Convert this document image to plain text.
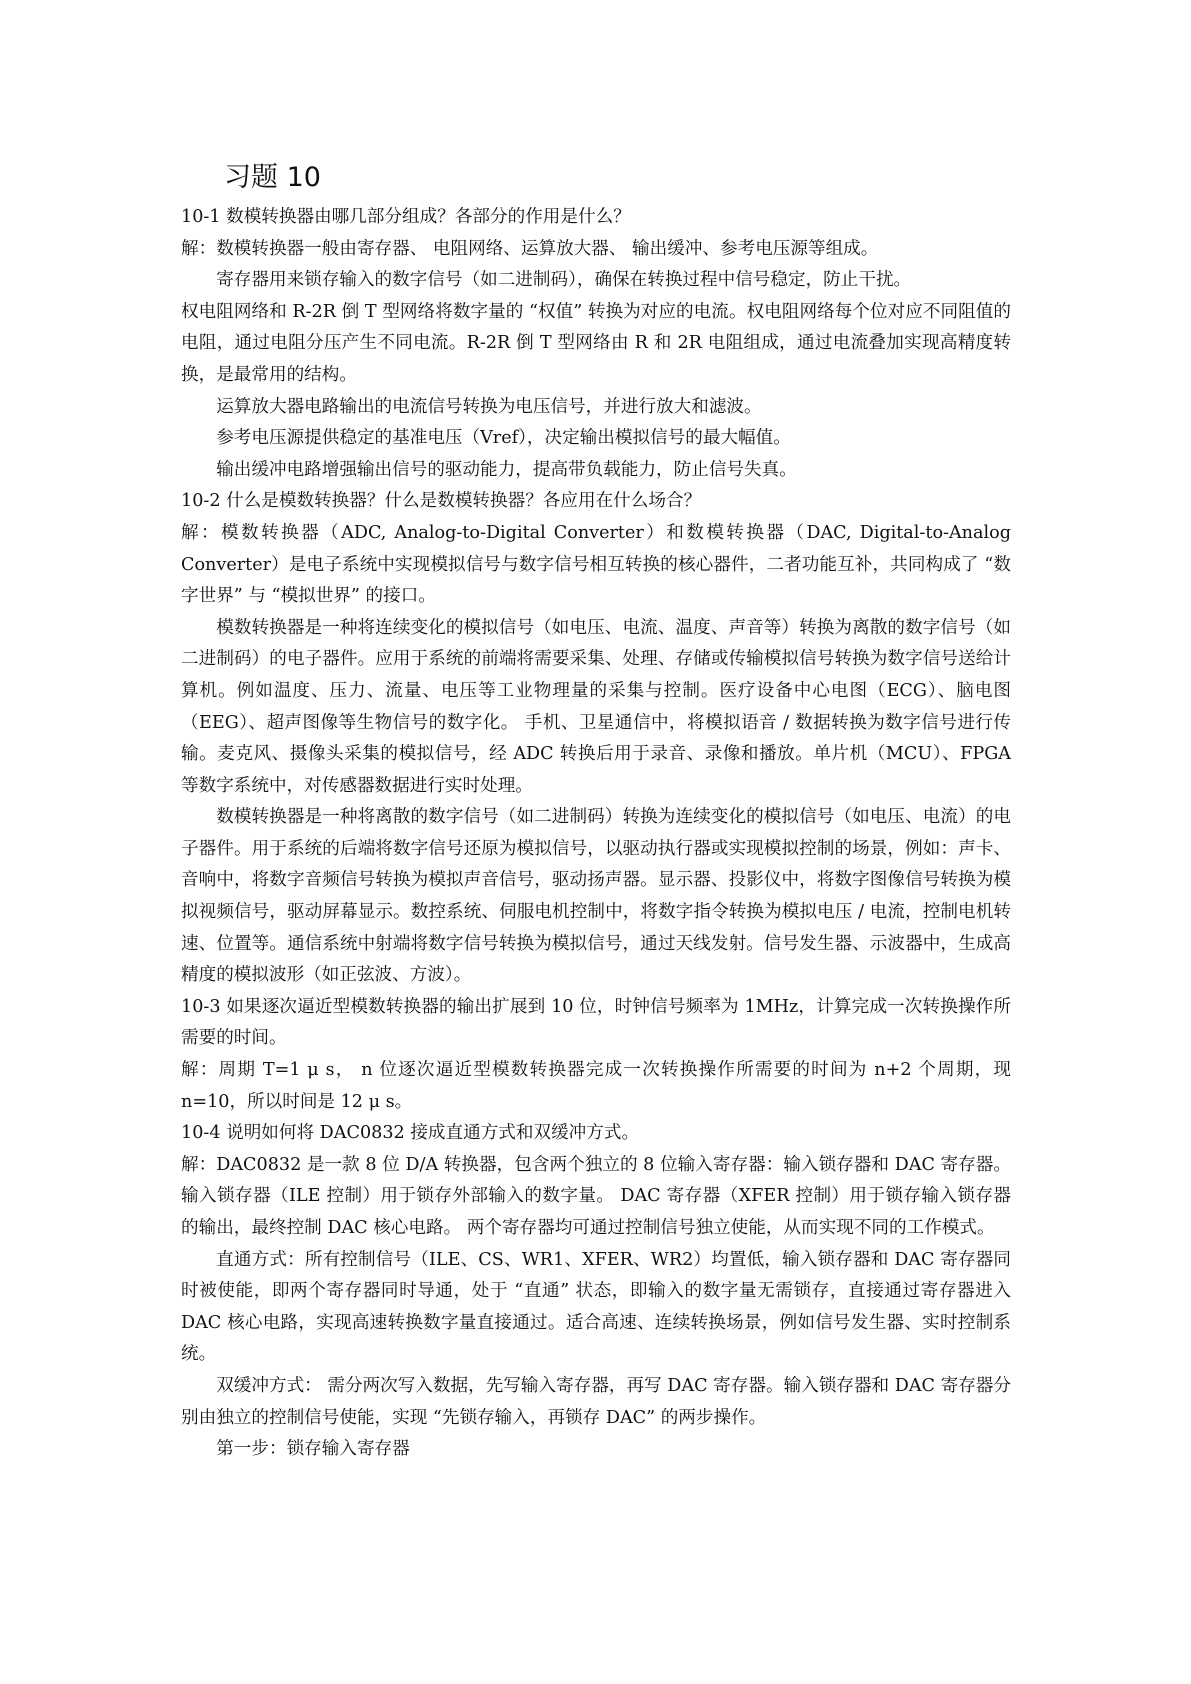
习题 10

10-1 数模转换器由哪几部分组成？各部分的作用是什么？

解：数模转换器一般由寄存器、 电阻网络、运算放大器、 输出缓冲、参考电压源等组成。

寄存器用来锁存输入的数字信号（如二进制码），确保在转换过程中信号稳定，防止干扰。

权电阻网络和 R-2R 倒 T 型网络将数字量的 “权值” 转换为对应的电流。权电阻网络每个位对应不同阻值的电阻，通过电阻分压产生不同电流。R-2R 倒 T 型网络由 R 和 2R 电阻组成，通过电流叠加实现高精度转换，是最常用的结构。

运算放大器电路输出的电流信号转换为电压信号，并进行放大和滤波。

参考电压源提供稳定的基准电压（Vref），决定输出模拟信号的最大幅值。

输出缓冲电路增强输出信号的驱动能力，提高带负载能力，防止信号失真。

10-2 什么是模数转换器？什么是数模转换器？各应用在什么场合？

解：模数转换器（ADC, Analog-to-Digital Converter）和数模转换器（DAC, Digital-to-Analog Converter）是电子系统中实现模拟信号与数字信号相互转换的核心器件，二者功能互补，共同构成了 “数字世界” 与 “模拟世界” 的接口。

模数转换器是一种将连续变化的模拟信号（如电压、电流、温度、声音等）转换为离散的数字信号（如二进制码）的电子器件。应用于系统的前端将需要采集、处理、存储或传输模拟信号转换为数字信号送给计算机。例如温度、压力、流量、电压等工业物理量的采集与控制。医疗设备中心电图（ECG）、脑电图（EEG）、超声图像等生物信号的数字化。 手机、卫星通信中，将模拟语音 / 数据转换为数字信号进行传输。麦克风、摄像头采集的模拟信号，经 ADC 转换后用于录音、录像和播放。单片机（MCU）、FPGA 等数字系统中，对传感器数据进行实时处理。

数模转换器是一种将离散的数字信号（如二进制码）转换为连续变化的模拟信号（如电压、电流）的电子器件。用于系统的后端将数字信号还原为模拟信号，以驱动执行器或实现模拟控制的场景，例如：声卡、音响中，将数字音频信号转换为模拟声音信号，驱动扬声器。显示器、投影仪中，将数字图像信号转换为模拟视频信号，驱动屏幕显示。数控系统、伺服电机控制中，将数字指令转换为模拟电压 / 电流，控制电机转速、位置等。通信系统中射端将数字信号转换为模拟信号，通过天线发射。信号发生器、示波器中，生成高精度的模拟波形（如正弦波、方波）。

10-3 如果逐次逼近型模数转换器的输出扩展到 10 位，时钟信号频率为 1MHz，计算完成一次转换操作所需要的时间。

解：周期 T=1 μ s， n 位逐次逼近型模数转换器完成一次转换操作所需要的时间为 n+2 个周期，现 n=10，所以时间是 12 μ s。

10-4 说明如何将 DAC0832 接成直通方式和双缓冲方式。

解：DAC0832 是一款 8 位 D/A 转换器，包含两个独立的 8 位输入寄存器：输入锁存器和 DAC 寄存器。输入锁存器（ILE 控制）用于锁存外部输入的数字量。 DAC 寄存器（XFER 控制）用于锁存输入锁存器的输出，最终控制 DAC 核心电路。 两个寄存器均可通过控制信号独立使能，从而实现不同的工作模式。

直通方式：所有控制信号（ILE、CS、WR1、XFER、WR2）均置低，输入锁存器和 DAC 寄存器同时被使能，即两个寄存器同时导通，处于 “直通” 状态，即输入的数字量无需锁存，直接通过寄存器进入 DAC 核心电路，实现高速转换数字量直接通过。适合高速、连续转换场景，例如信号发生器、实时控制系统。

双缓冲方式： 需分两次写入数据，先写输入寄存器，再写 DAC 寄存器。输入锁存器和 DAC 寄存器分别由独立的控制信号使能，实现 “先锁存输入，再锁存 DAC” 的两步操作。

第一步：锁存输入寄存器
